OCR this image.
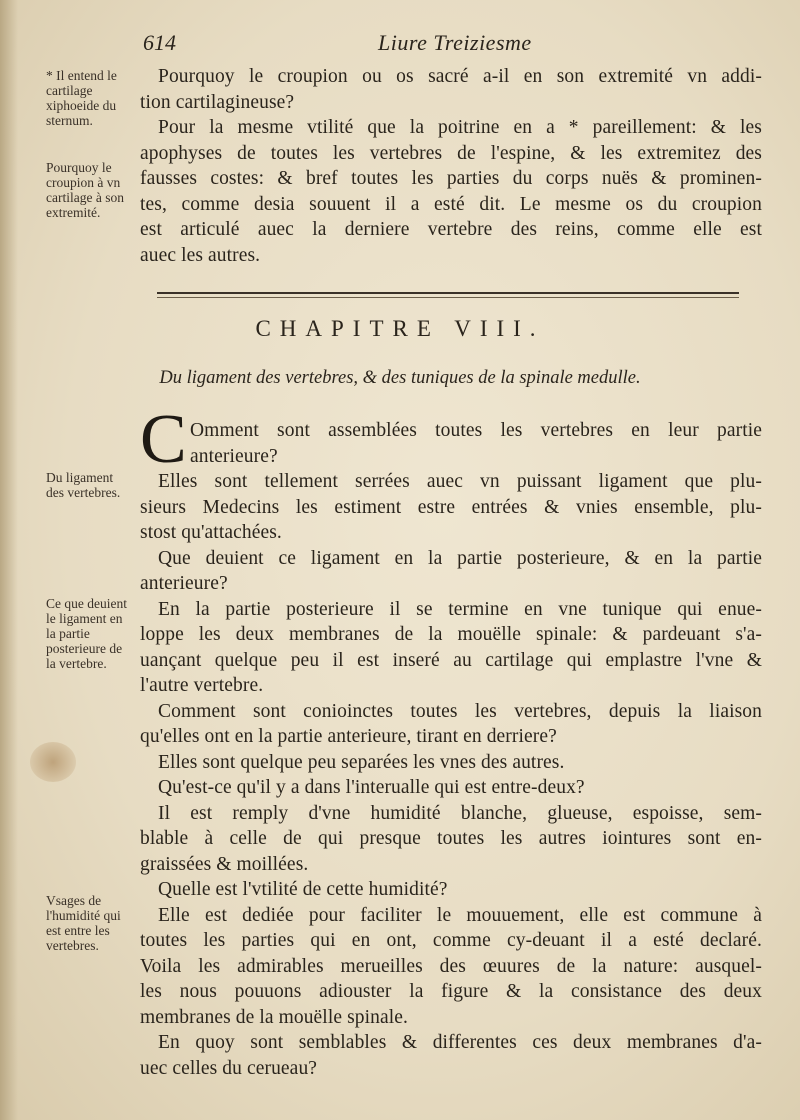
614	Liure Treiziesme
* Il entend le cartilage xiphoeide du sternum.
Pourquoy le croupion à vn cartilage à son extremité.
Du ligament des vertebres.
Ce que deuient le ligament en la partie posterieure de la vertebre.
Vsages de l'humidité qui est entre les vertebres.
Pourquoy le croupion ou os sacré a-il en son extremité vn addi-
tion cartilagineuse?
Pour la mesme vtilité que la poitrine en a * pareillement: & les
apophyses de toutes les vertebres de l'espine, & les extremitez des
fausses costes: & bref toutes les parties du corps nuës & prominen-
tes, comme desia souuent il a esté dit. Le mesme os du croupion
est articulé auec la derniere vertebre des reins, comme elle est
auec les autres.
CHAPITRE VIII.
Du ligament des vertebres, & des tuniques de la spinale medulle.
C Omment sont assemblées toutes les vertebres en leur partie
anterieure?
Elles sont tellement serrées auec vn puissant ligament que plu-
sieurs Medecins les estiment estre entrées & vnies ensemble, plu-
stost qu'attachées.
Que deuient ce ligament en la partie posterieure, & en la partie
anterieure?
En la partie posterieure il se termine en vne tunique qui enue-
loppe les deux membranes de la mouëlle spinale: & pardeuant s'a-
uançant quelque peu il est inseré au cartilage qui emplastre l'vne &
l'autre vertebre.
Comment sont conioinctes toutes les vertebres, depuis la liaison
qu'elles ont en la partie anterieure, tirant en derriere?
Elles sont quelque peu separées les vnes des autres.
Qu'est-ce qu'il y a dans l'interualle qui est entre-deux?
Il est remply d'vne humidité blanche, glueuse, espoisse, sem-
blable à celle de qui presque toutes les autres iointures sont en-
graissées & moillées.
Quelle est l'vtilité de cette humidité?
Elle est dediée pour faciliter le mouuement, elle est commune à
toutes les parties qui en ont, comme cy-deuant il a esté declaré.
Voila les admirables merueilles des œuures de la nature: ausquel-
les nous pouuons adiouster la figure & la consistance des deux
membranes de la mouëlle spinale.
En quoy sont semblables & differentes ces deux membranes d'a-
uec celles du cerueau?
